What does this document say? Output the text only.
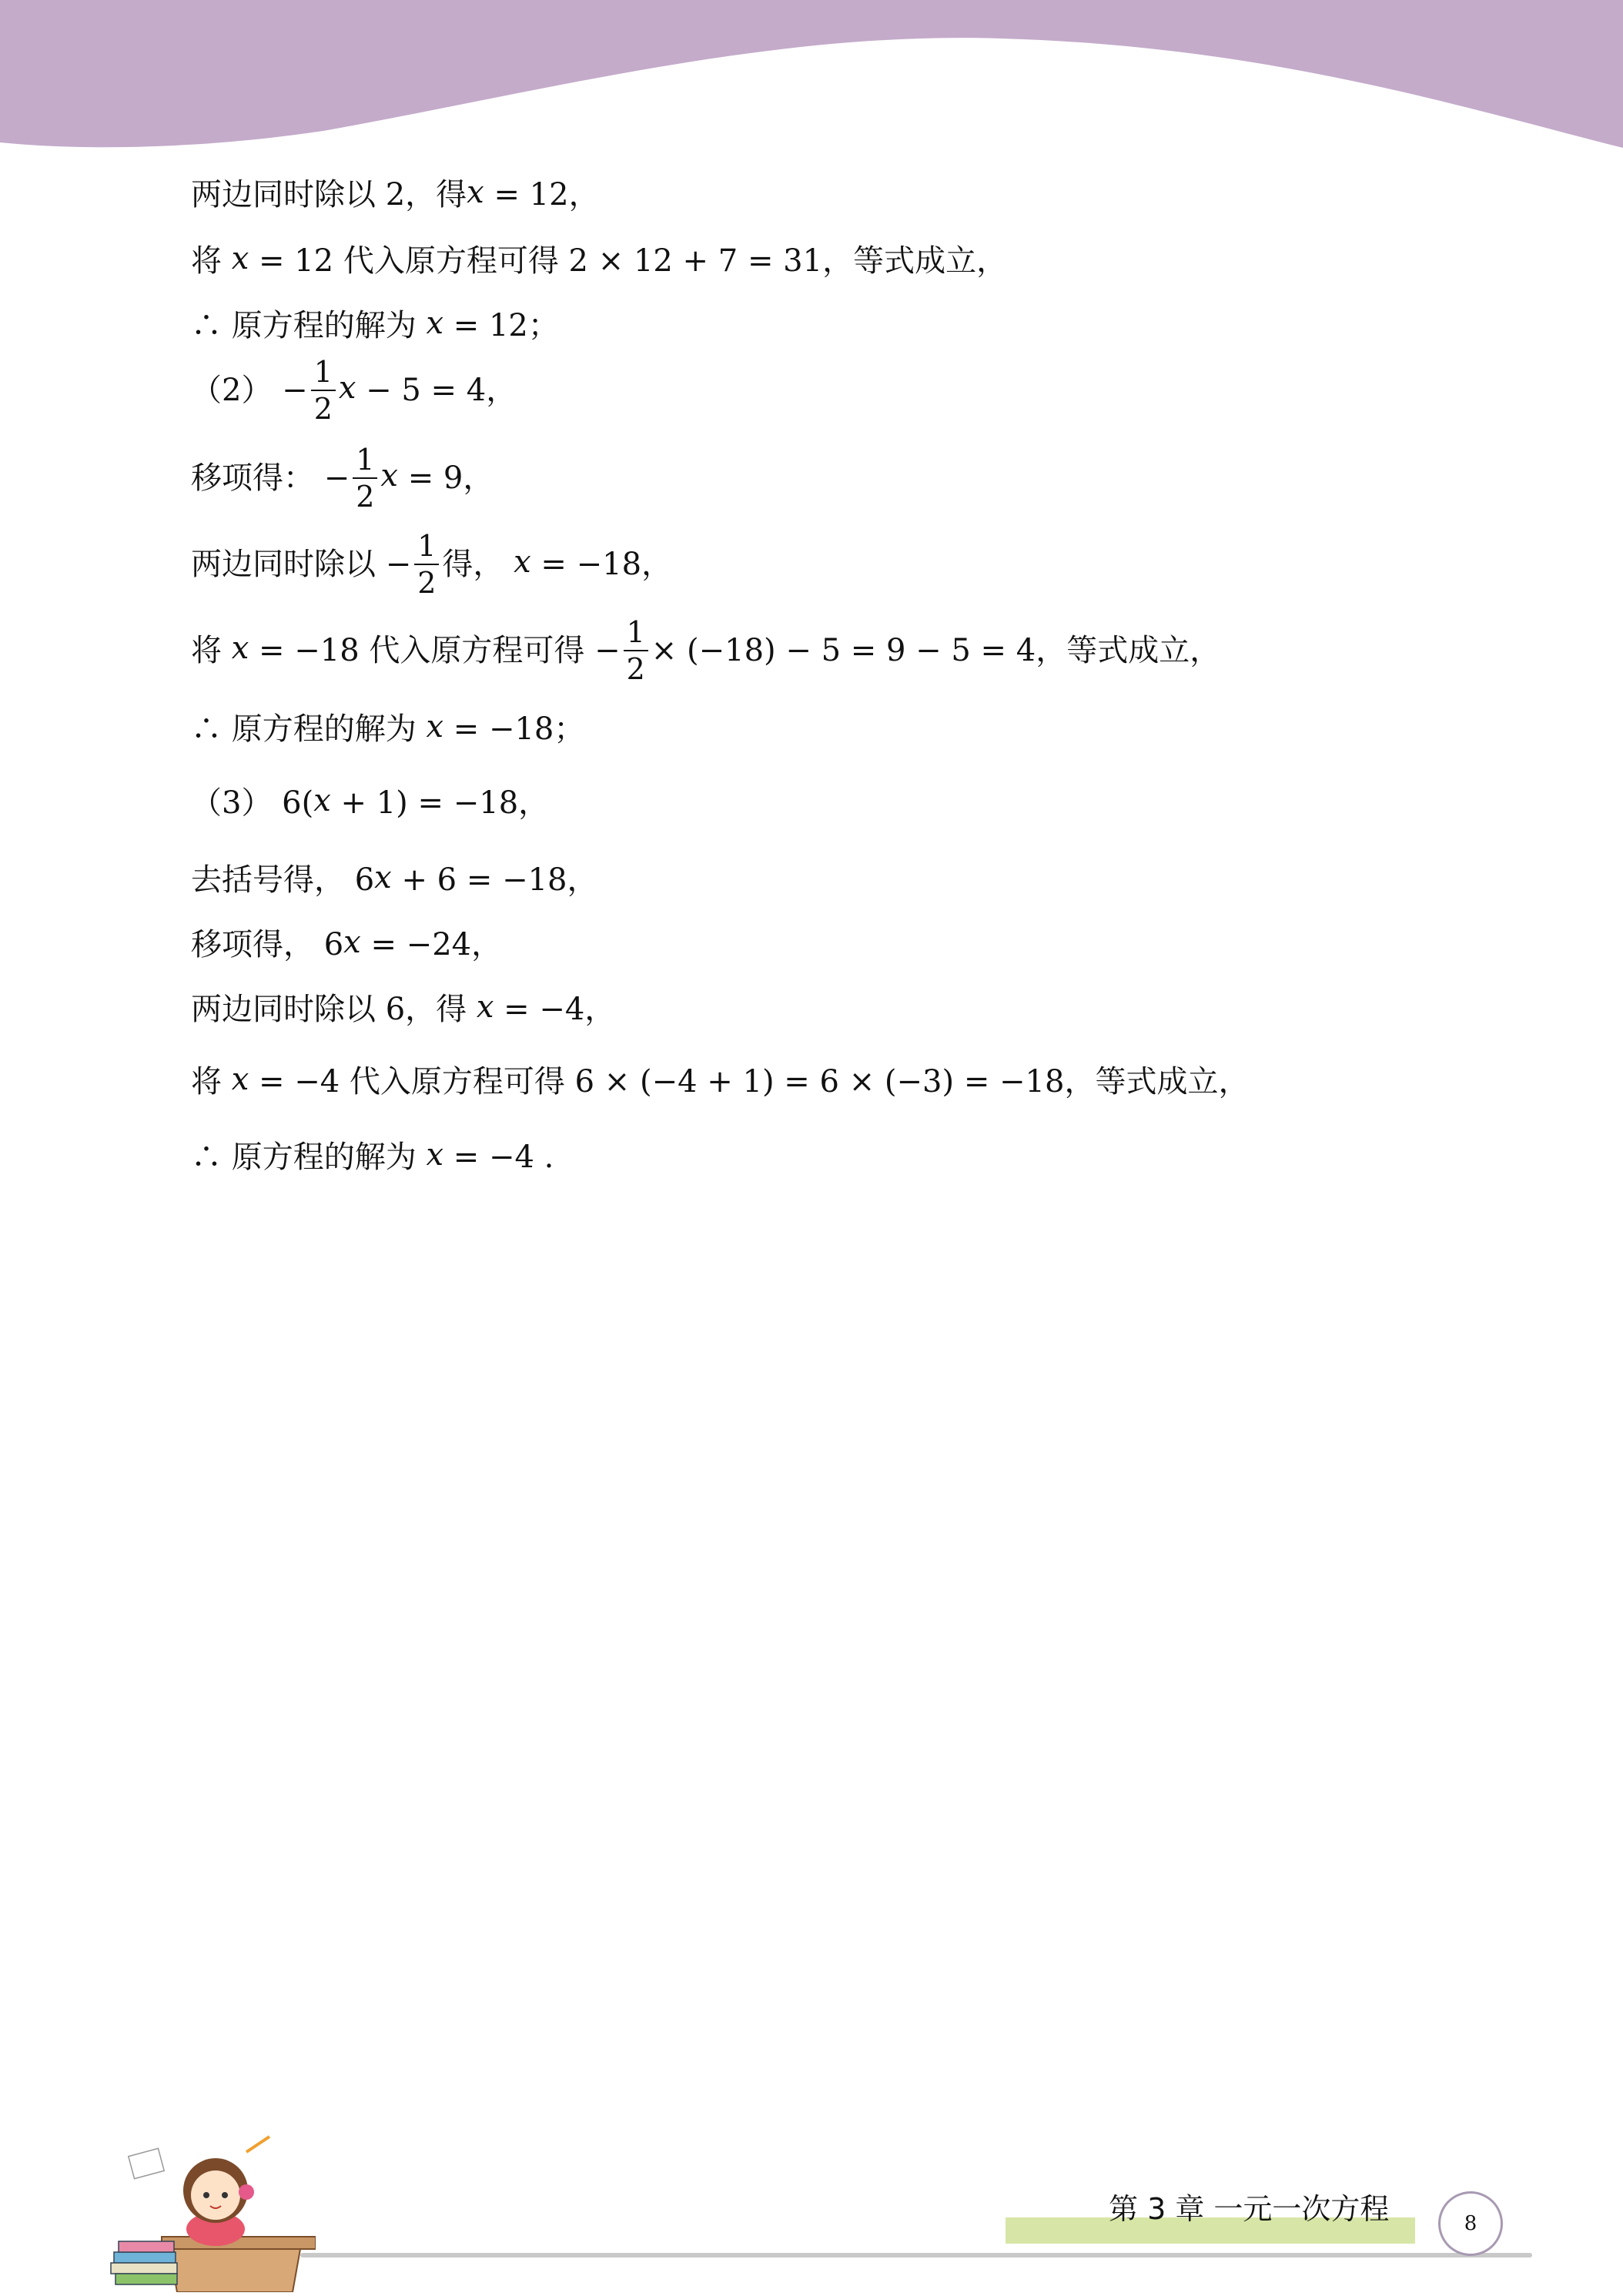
两边同时除以 2，得x = 12，
将 x = 12 代入原方程可得 2 × 12 + 7 = 31，等式成立，
∴ 原方程的解为 x = 12；
$(2) - \frac{1}{2}$ x − 5 = 4，
移项得： − $\frac{1}{2}$ x = 9，
两边同时除以 − $\frac{1}{2}$ 得， x = −18，
将 x = −18 代入原方程可得 − $\frac{1}{2} \times (-18) - 5 = 9 - 5 = 4$，等式成立，
∴ 原方程的解为 x = −18；
（3） 6(x + 1) = −18，
去括号得， 6x + 6 = −18，
移项得， 6x = −24，
两边同时除以 6，得 x = −4，
将 x = −4 代入原方程可得 6 × (−4 + 1) = 6 × (−3) = −18，等式成立，
∴ 原方程的解为 x = −4 .
第 3 章 一元一次方程	8
